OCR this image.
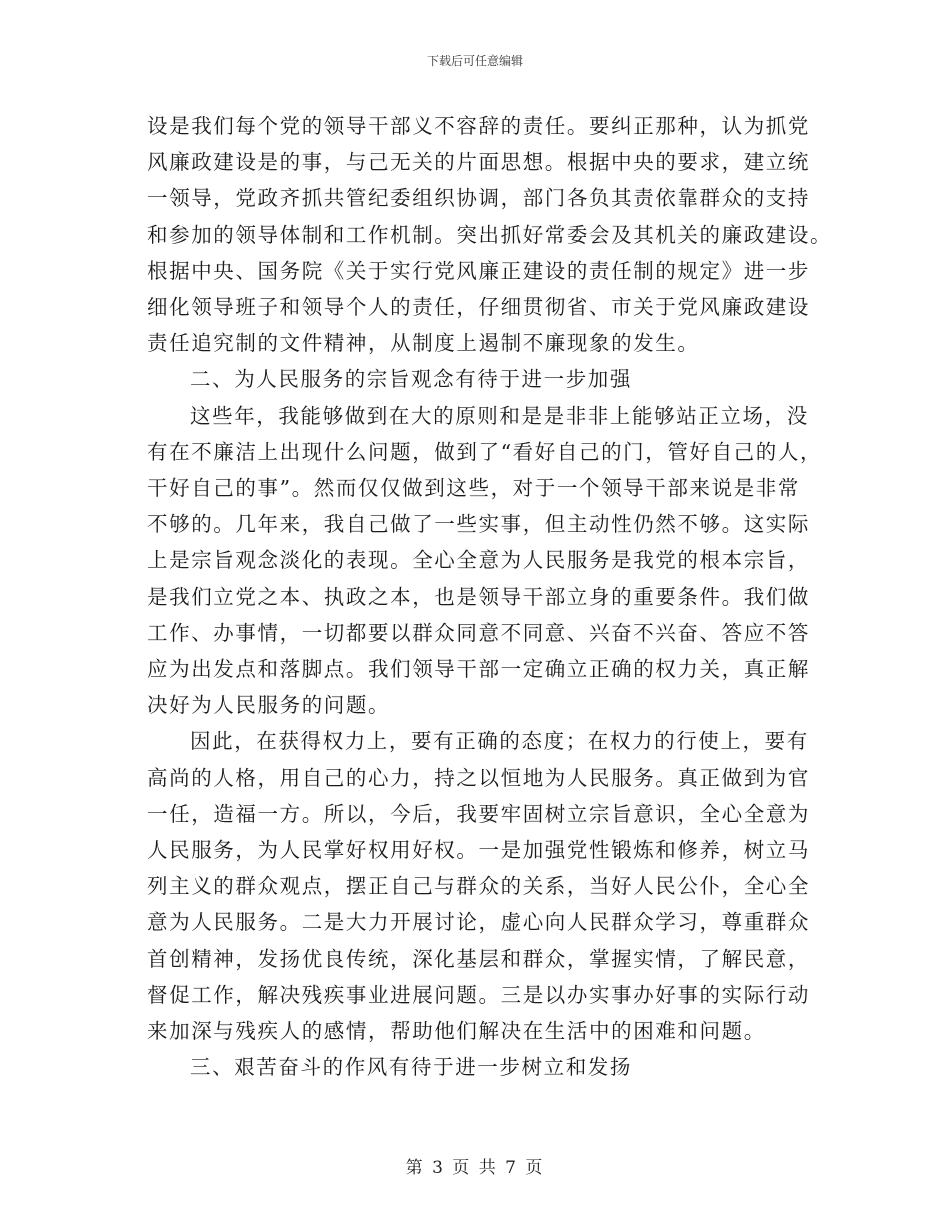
下载后可任意编辑
设是我们每个党的领导干部义不容辞的责任。要纠正那种，认为抓党
风廉政建设是的事，与己无关的片面思想。根据中央的要求，建立统
一领导，党政齐抓共管纪委组织协调，部门各负其责依靠群众的支持
和参加的领导体制和工作机制。突出抓好常委会及其机关的廉政建设。
根据中央、国务院《关于实行党风廉正建设的责任制的规定》进一步
细化领导班子和领导个人的责任，仔细贯彻省、市关于党风廉政建设
责任追究制的文件精神，从制度上遏制不廉现象的发生。
二、为人民服务的宗旨观念有待于进一步加强
这些年，我能够做到在大的原则和是是非非上能够站正立场，没
有在不廉洁上出现什么问题，做到了“看好自己的门，管好自己的人，
干好自己的事”。然而仅仅做到这些，对于一个领导干部来说是非常
不够的。几年来，我自己做了一些实事，但主动性仍然不够。这实际
上是宗旨观念淡化的表现。全心全意为人民服务是我党的根本宗旨，
是我们立党之本、执政之本，也是领导干部立身的重要条件。我们做
工作、办事情，一切都要以群众同意不同意、兴奋不兴奋、答应不答
应为出发点和落脚点。我们领导干部一定确立正确的权力关，真正解
决好为人民服务的问题。
因此，在获得权力上，要有正确的态度；在权力的行使上，要有
高尚的人格，用自己的心力，持之以恒地为人民服务。真正做到为官
一任，造福一方。所以，今后，我要牢固树立宗旨意识，全心全意为
人民服务，为人民掌好权用好权。一是加强党性锻炼和修养，树立马
列主义的群众观点，摆正自己与群众的关系，当好人民公仆，全心全
意为人民服务。二是大力开展讨论，虚心向人民群众学习，尊重群众
首创精神，发扬优良传统，深化基层和群众，掌握实情，了解民意，
督促工作，解决残疾事业进展问题。三是以办实事办好事的实际行动
来加深与残疾人的感情，帮助他们解决在生活中的困难和问题。
三、艰苦奋斗的作风有待于进一步树立和发扬
第 3 页 共 7 页
